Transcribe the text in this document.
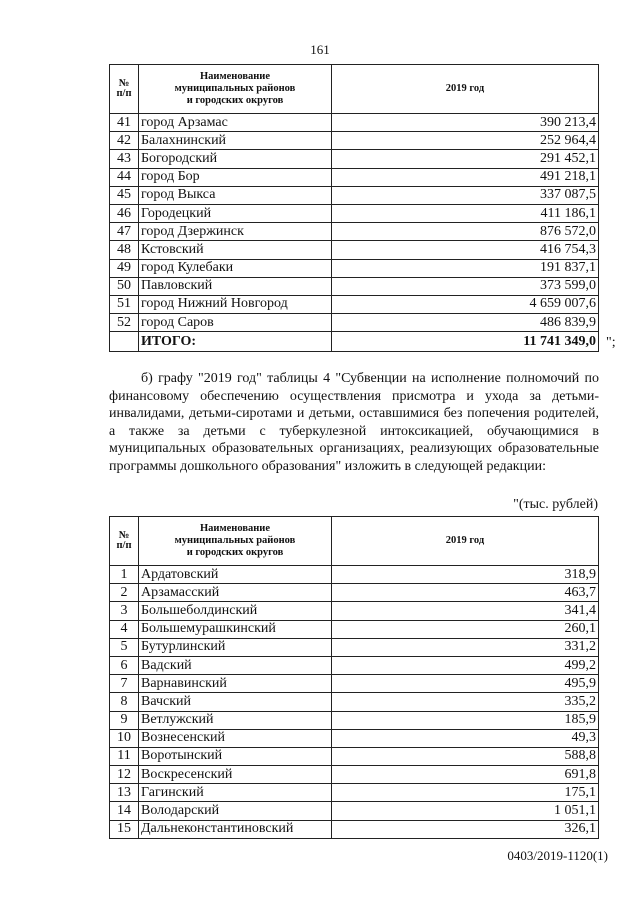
161
№
п/п	Наименование
муниципальных районов
и городских округов	2019 год
41	город Арзамас	390 213,4
42	Балахнинский	252 964,4
43	Богородский	291 452,1
44	город Бор	491 218,1
45	город Выкса	337 087,5
46	Городецкий	411 186,1
47	город Дзержинск	876 572,0
48	Кстовский	416 754,3
49	город Кулебаки	191 837,1
50	Павловский	373 599,0
51	город Нижний Новгород	4 659 007,6
52	город Саров	486 839,9
	ИТОГО:	11 741 349,0 ";
б) графу "2019 год" таблицы 4 "Субвенции на исполнение полномочий по финансовому обеспечению осуществления присмотра и ухода за детьми-инвалидами, детьми-сиротами и детьми, оставшимися без попечения родителей, а также за детьми с туберкулезной интоксикацией, обучающимися в муниципальных образовательных организациях, реализующих образовательные программы дошкольного образования" изложить в следующей редакции:
"(тыс. рублей)
№
п/п	Наименование
муниципальных районов
и городских округов	2019 год
1	Ардатовский	318,9
2	Арзамасский	463,7
3	Большеболдинский	341,4
4	Большемурашкинский	260,1
5	Бутурлинский	331,2
6	Вадский	499,2
7	Варнавинский	495,9
8	Вачский	335,2
9	Ветлужский	185,9
10	Вознесенский	49,3
11	Воротынский	588,8
12	Воскресенский	691,8
13	Гагинский	175,1
14	Володарский	1 051,1
15	Дальнеконстантиновский	326,1
0403/2019-1120(1)
